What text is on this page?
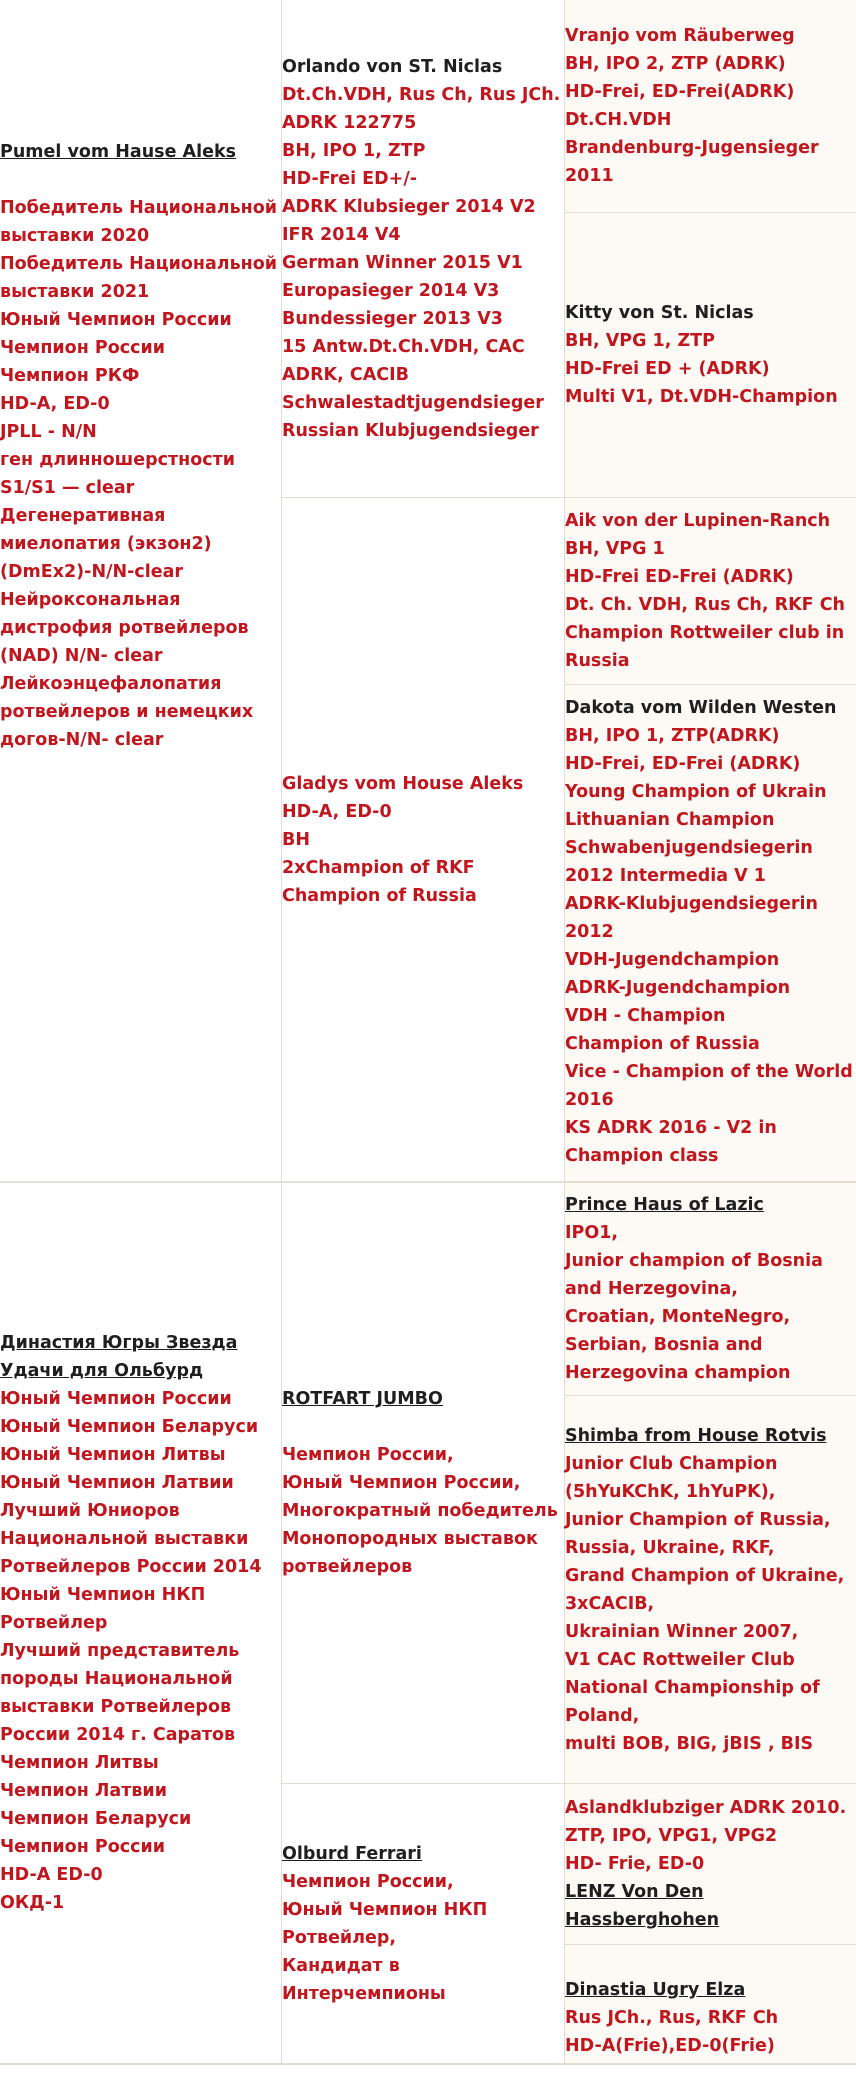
Pumel vom Hause Aleks
Победитель Национальной выставки 2020
Победитель Национальной выставки 2021
Юный Чемпион России
Чемпион России
Чемпион РКФ
HD-A, ED-0
JPLL - N/N
ген длинношерстности S1/S1 — clear
Дегенеративная миелопатия (экзон2) (DmEx2)-N/N-clear
Нейроксональная дистрофия ротвейлеров (NAD) N/N- clear
Лейкоэнцефалопатия ротвейлеров и немецких догов-N/N- clear
Orlando von ST. Niclas
Dt.Ch.VDH, Rus Ch, Rus JCh.
ADRK 122775
BH, IPO 1, ZTP
HD-Frei ED+/-
ADRK Klubsieger 2014 V2
IFR 2014 V4
German Winner 2015 V1
Europasieger 2014 V3
Bundessieger 2013 V3
15 Antw.Dt.Ch.VDH, CAC
ADRK, CACIB
Schwalestadtjugendsieger
Russian Klubjugendsieger
Gladys vom House Aleks
HD-A, ED-0
BH
2xChampion of RKF
Champion of Russia
Vranjo vom Räuberweg
BH, IPO 2, ZTP (ADRK)
HD-Frei, ED-Frei(ADRK)
Dt.CH.VDH
Brandenburg-Jugensieger 2011
Kitty von St. Niclas
BH, VPG 1, ZTP
HD-Frei ED + (ADRK)
Multi V1, Dt.VDH-Champion
Aik von der Lupinen-Ranch
BH, VPG 1
HD-Frei ED-Frei (ADRK)
Dt. Ch. VDH, Rus Ch, RKF Ch
Champion Rottweiler club in Russia
Dakota vom Wilden Westen
BH, IPO 1, ZTP(ADRK)
HD-Frei, ED-Frei (ADRK)
Young Champion of Ukrain
Lithuanian Champion
Schwabenjugendsiegerin 2012 Intermedia V 1
ADRK-Klubjugendsiegerin 2012
VDH-Jugendchampion
ADRK-Jugendchampion
VDH - Champion
Champion of Russia
Vice - Champion of the World 2016
KS ADRK 2016 - V2 in Champion class
Династия Югры Звезда Удачи для Ольбурд
Юный Чемпион России
Юный Чемпион Беларуси
Юный Чемпион Литвы
Юный Чемпион Латвии
Лучший Юниоров Национальной выставки Ротвейлеров России 2014
Юный Чемпион НКП Ротвейлер
Лучший представитель породы Национальной выставки Ротвейлеров России 2014 г. Саратов
Чемпион Литвы
Чемпион Латвии
Чемпион Беларуси
Чемпион России
HD-A ED-0
ОКД-1
ROTFART JUMBO
Чемпион России,
Юный Чемпион России,
Многократный победитель Монопородных выставок ротвейлеров
Olburd Ferrari
Чемпион России,
Юный Чемпион НКП Ротвейлер,
Кандидат в Интерчемпионы
Prince Haus of Lazic
IPO1,
Junior champion of Bosnia and Herzegovina,
Croatian, MonteNegro, Serbian, Bosnia and Herzegovina champion
Shimba from House Rotvis
Junior Club Champion (5hYuKChK, 1hYuPK),
Junior Champion of Russia,
Russia, Ukraine, RKF,
Grand Champion of Ukraine,
3xCACIB,
Ukrainian Winner 2007,
V1 CAC Rottweiler Club National Championship of Poland,
multi BOB, BIG, jBIS , BIS
Aslandklubziger ADRK 2010.
ZTP, IPO, VPG1, VPG2
HD- Frie, ED-0
LENZ Von Den Hassberghohen
Dinastia Ugry Elza
Rus JCh., Rus, RKF Ch
HD-A(Frie),ED-0(Frie)
